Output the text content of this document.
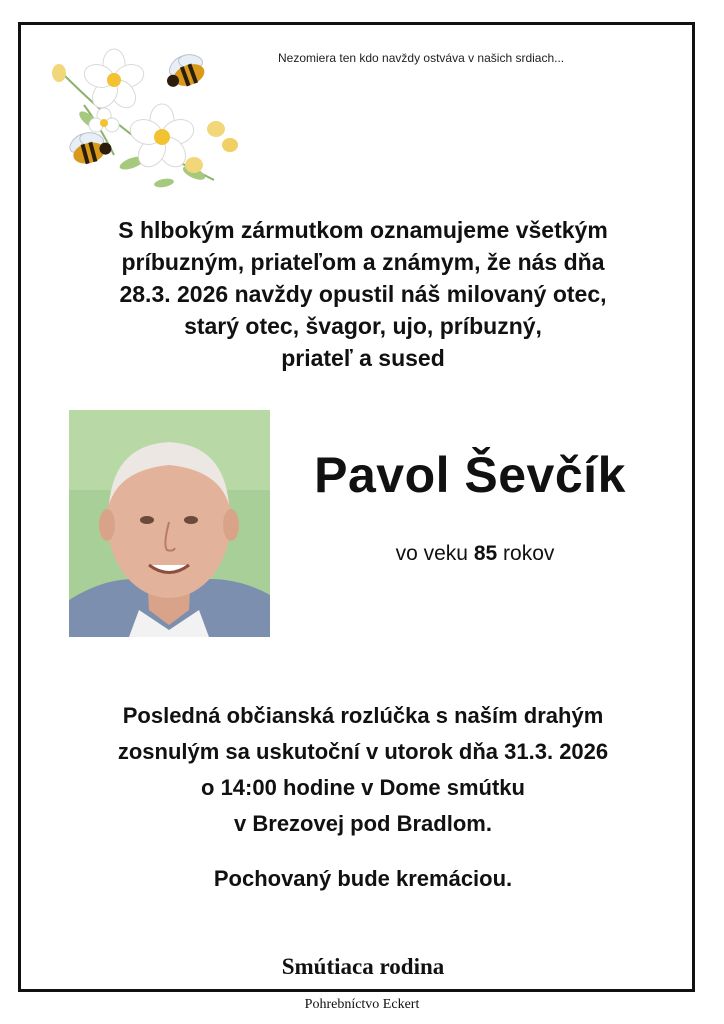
Nezomiera ten kdo navždy ostváva v našich srdiach...
S hlbokým zármutkom oznamujeme všetkým
príbuzným, priateľom a známym, že nás dňa
28.3. 2026 navždy opustil náš milovaný otec,
starý otec, švagor, ujo, príbuzný,
priateľ a sused
Pavol Ševčík
vo veku 85 rokov
Posledná občianská rozlúčka s naším drahým
zosnulým sa uskutoční v utorok dňa 31.3. 2026
o 14:00 hodine v Dome smútku
v Brezovej pod Bradlom.
Pochovaný bude kremáciou.
Smútiaca rodina
Pohrebníctvo Eckert
